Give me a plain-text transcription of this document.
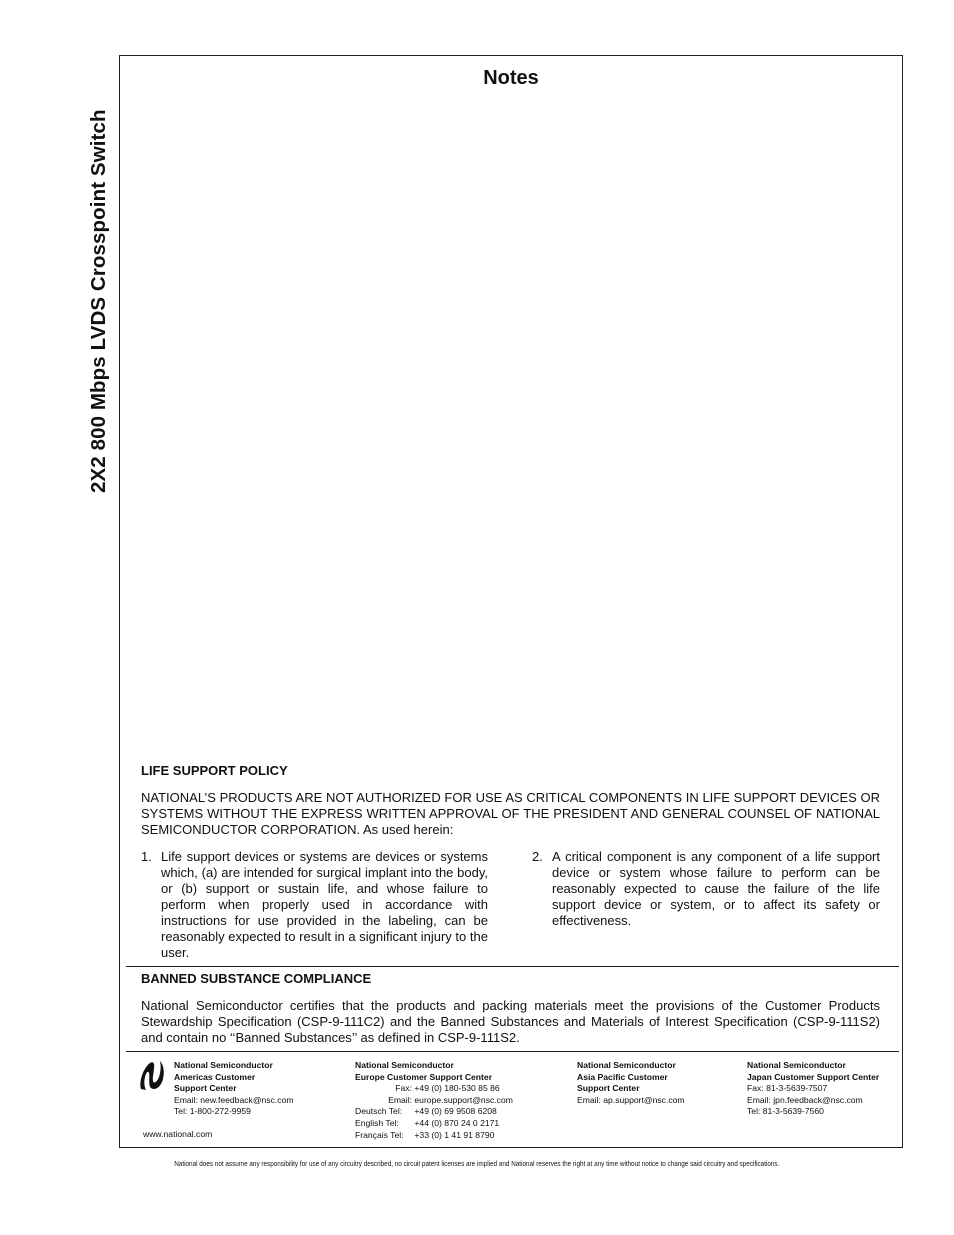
2X2 800 Mbps LVDS Crosspoint Switch
Notes
LIFE SUPPORT POLICY
NATIONAL’S PRODUCTS ARE NOT AUTHORIZED FOR USE AS CRITICAL COMPONENTS IN LIFE SUPPORT DEVICES OR SYSTEMS WITHOUT THE EXPRESS WRITTEN APPROVAL OF THE PRESIDENT AND GENERAL COUNSEL OF NATIONAL SEMICONDUCTOR CORPORATION. As used herein:
1. Life support devices or systems are devices or systems which, (a) are intended for surgical implant into the body, or (b) support or sustain life, and whose failure to perform when properly used in accordance with instructions for use provided in the labeling, can be reasonably expected to result in a significant injury to the user.
2. A critical component is any component of a life support device or system whose failure to perform can be reasonably expected to cause the failure of the life support device or system, or to affect its safety or effectiveness.
BANNED SUBSTANCE COMPLIANCE
National Semiconductor certifies that the products and packing materials meet the provisions of the Customer Products Stewardship Specification (CSP-9-111C2) and the Banned Substances and Materials of Interest Specification (CSP-9-111S2) and contain no ‘‘Banned Substances’’ as defined in CSP-9-111S2.
National Semiconductor
Americas Customer
Support Center
Email: new.feedback@nsc.com
Tel: 1-800-272-9959
National Semiconductor
Europe Customer Support Center
Fax: +49 (0) 180-530 85 86
Email: europe.support@nsc.com
Deutsch Tel: +49 (0) 69 9508 6208
English Tel: +44 (0) 870 24 0 2171
Français Tel: +33 (0) 1 41 91 8790
National Semiconductor
Asia Pacific Customer
Support Center
Email: ap.support@nsc.com
National Semiconductor
Japan Customer Support Center
Fax: 81-3-5639-7507
Email: jpn.feedback@nsc.com
Tel: 81-3-5639-7560
www.national.com
National does not assume any responsibility for use of any circuitry described, no circuit patent licenses are implied and National reserves the right at any time without notice to change said circuitry and specifications.
